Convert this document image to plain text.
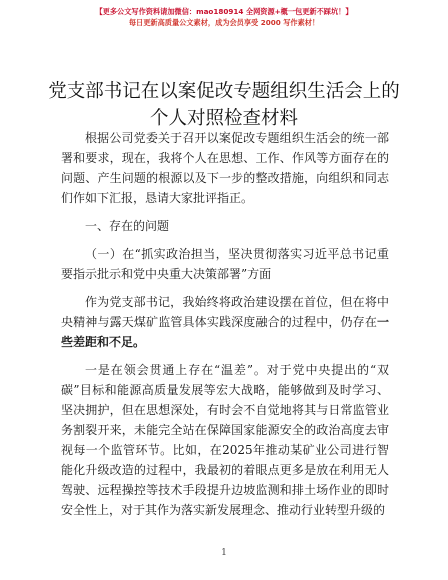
【更多公文写作资料请加微信：mao180914 全网资源+概一包更新不踩坑！】
每日更新高质量公文素材，成为会员享受 2000 写作素材！
党支部书记在以案促改专题组织生活会上的个人对照检查材料

根据公司党委关于召开以案促改专题组织生活会的统一部署和要求，现在，我将个人在思想、工作、作风等方面存在的问题、产生问题的根源以及下一步的整改措施，向组织和同志们作如下汇报，恳请大家批评指正。

一、存在的问题

（一）在“抓实政治担当，坚决贯彻落实习近平总书记重要指示批示和党中央重大决策部署”方面

作为党支部书记，我始终将政治建设摆在首位，但在将中央精神与露天煤矿监管具体实践深度融合的过程中，仍存在一些差距和不足。

一是在领会贯通上存在“温差”。对于党中央提出的“双碳”目标和能源高质量发展等宏大战略，能够做到及时学习、坚决拥护，但在思想深处，有时会不自觉地将其与日常监管业务割裂开来，未能完全站在保障国家能源安全的政治高度去审视每一个监管环节。比如，在2025年推动某矿业公司进行智能化升级改造的过程中，我最初的着眼点更多是放在利用无人驾驶、远程操控等技术手段提升边坡监测和排土场作业的即时安全性上，对于其作为落实新发展理念、推动行业转型升级的

1
